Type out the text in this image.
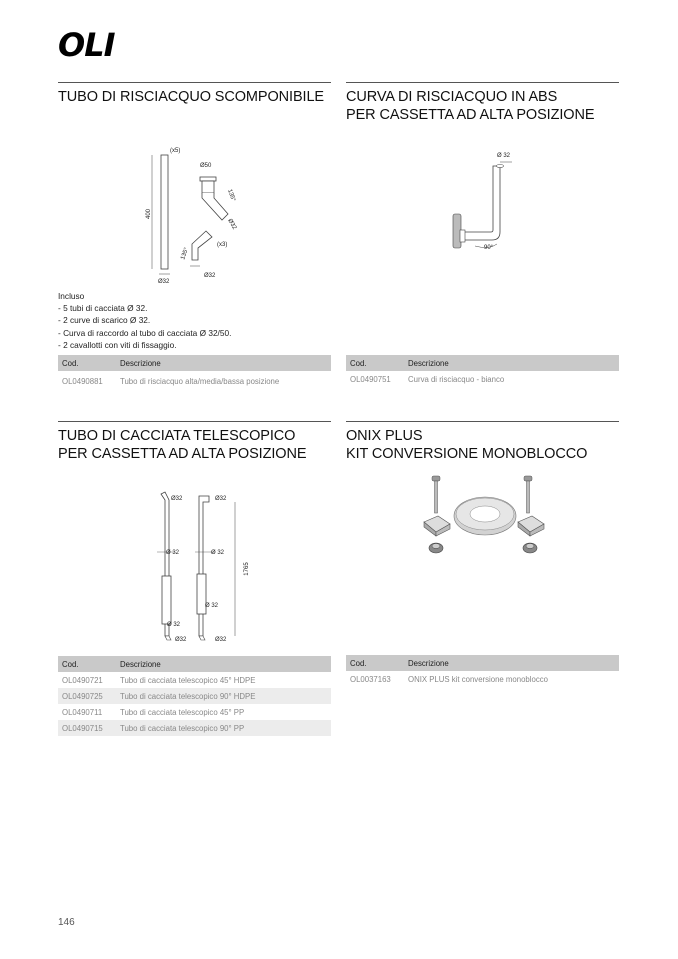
OLI
TUBO DI RISCIACQUO SCOMPONIBILE
400
(x5)
Ø32
Ø50
135°
Ø32
135°
(x3)
Ø32
Incluso
- 5 tubi di cacciata Ø 32.
- 2 curve di scarico Ø 32.
- Curva di raccordo al tubo di cacciata Ø 32/50.
- 2 cavallotti con viti di fissaggio.
Cod.	Descrizione
OL0490881	Tubo di risciacquo alta/media/bassa posizione
CURVA DI RISCIACQUO IN ABS
PER CASSETTA AD ALTA POSIZIONE
Ø 32
90°
Cod.	Descrizione
OL0490751	Curva di risciacquo - bianco
TUBO DI CACCIATA TELESCOPICO
PER CASSETTA AD ALTA POSIZIONE
Ø32
Ø 32
Ø 32
Ø32
Ø32
Ø 32
Ø 32
Ø32
1765
Cod.	Descrizione
OL0490721	Tubo di cacciata telescopico 45° HDPE
OL0490725	Tubo di cacciata telescopico 90° HDPE
OL0490711	Tubo di cacciata telescopico 45° PP
OL0490715	Tubo di cacciata telescopico 90° PP
ONIX PLUS
KIT CONVERSIONE MONOBLOCCO
Cod.	Descrizione
OL0037163	ONIX PLUS kit conversione monoblocco
146
